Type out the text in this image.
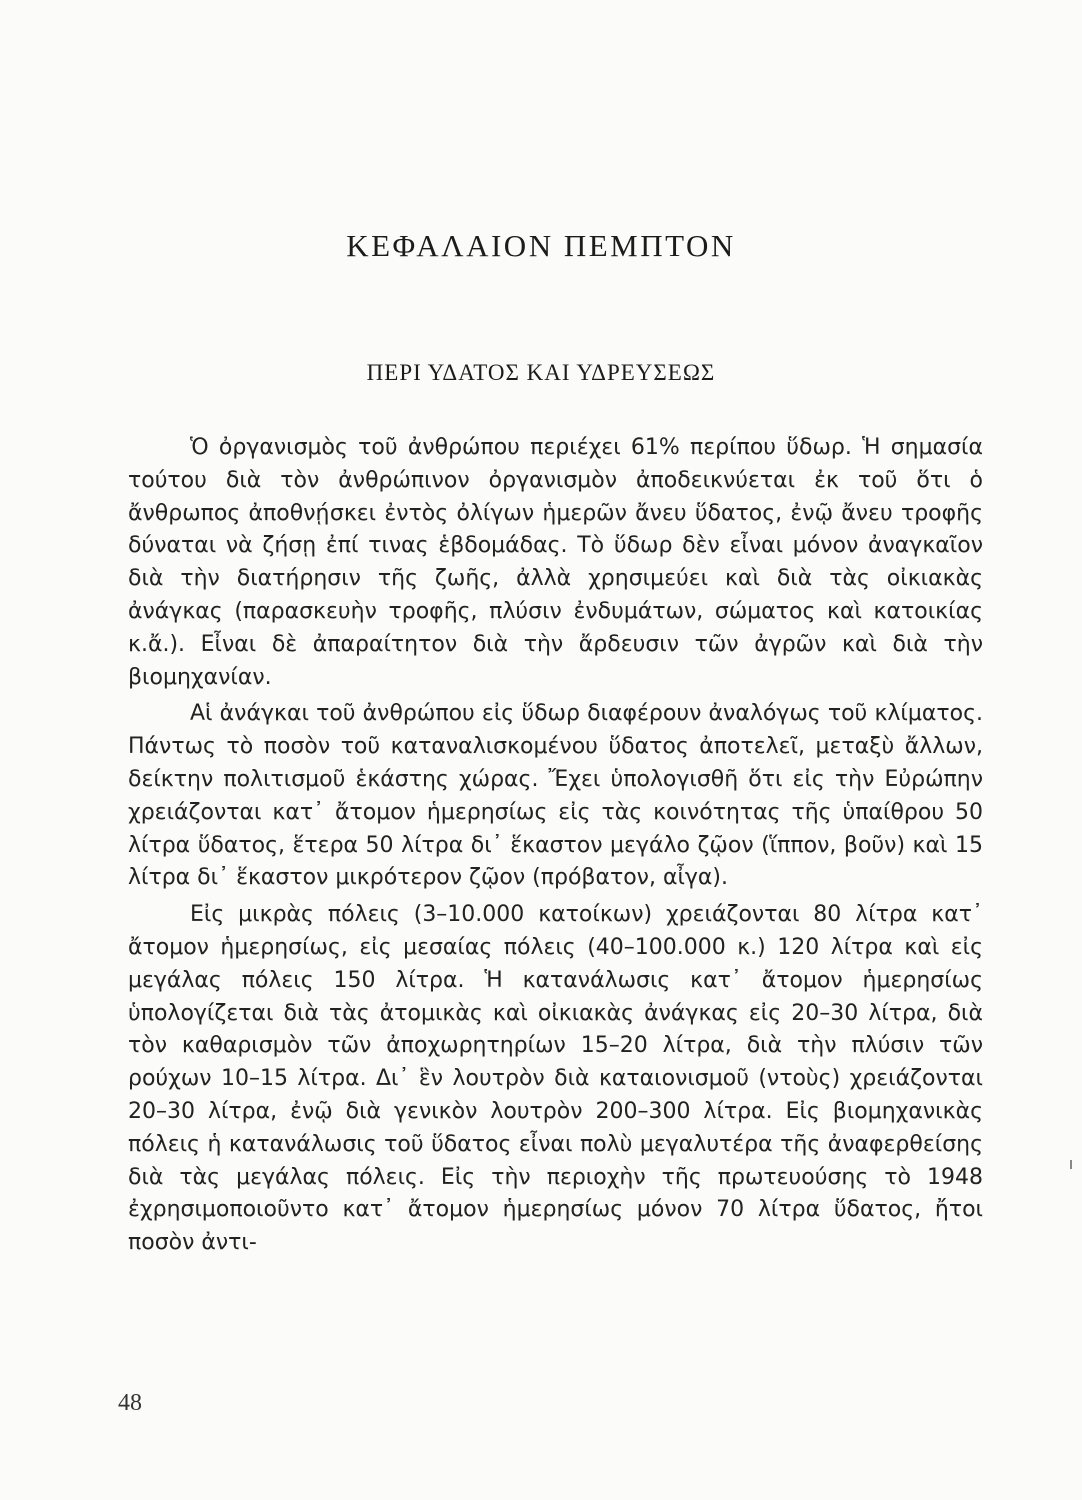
ΚΕΦΑΛΑΙΟΝ ΠΕΜΠΤΟΝ
ΠΕΡΙ ΥΔΑΤΟΣ ΚΑΙ ΥΔΡΕΥΣΕΩΣ

Ὁ ὀργανισμὸς τοῦ ἀνθρώπου περιέχει 61% περίπου ὕδωρ. Ἡ σημασία τούτου διὰ τὸν ἀνθρώπινον ὀργανισμὸν ἀποδεικνύεται ἐκ τοῦ ὅτι ὁ ἄνθρωπος ἀποθνῄσκει ἐντὸς ὀλίγων ἡμερῶν ἄνευ ὕδατος, ἐνῷ ἄνευ τροφῆς δύναται νὰ ζήσῃ ἐπί τινας ἑβδομάδας. Τὸ ὕδωρ δὲν εἶναι μόνον ἀναγκαῖον διὰ τὴν διατήρησιν τῆς ζωῆς, ἀλλὰ χρησιμεύει καὶ διὰ τὰς οἰκιακὰς ἀνάγκας (παρασκευὴν τροφῆς, πλύσιν ἐνδυμάτων, σώματος καὶ κατοικίας κ.ἄ.). Εἶναι δὲ ἀπαραίτητον διὰ τὴν ἄρδευσιν τῶν ἀγρῶν καὶ διὰ τὴν βιομηχανίαν.

Αἱ ἀνάγκαι τοῦ ἀνθρώπου εἰς ὕδωρ διαφέρουν ἀναλόγως τοῦ κλίματος. Πάντως τὸ ποσὸν τοῦ καταναλισκομένου ὕδατος ἀποτελεῖ, μεταξὺ ἄλλων, δείκτην πολιτισμοῦ ἑκάστης χώρας. Ἔχει ὑπολογισθῆ ὅτι εἰς τὴν Εὐρώπην χρειάζονται κατ᾿ ἄτομον ἡμερησίως εἰς τὰς κοινότητας τῆς ὑπαίθρου 50 λίτρα ὕδατος, ἕτερα 50 λίτρα δι᾿ ἕκαστον μεγάλο ζῷον (ἵππον, βοῦν) καὶ 15 λίτρα δι᾿ ἕκαστον μικρότερον ζῷον (πρόβατον, αἶγα).

Εἰς μικρὰς πόλεις (3–10.000 κατοίκων) χρειάζονται 80 λίτρα κατ᾿ ἄτομον ἡμερησίως, εἰς μεσαίας πόλεις (40–100.000 κ.) 120 λίτρα καὶ εἰς μεγάλας πόλεις 150 λίτρα. Ἡ κατανάλωσις κατ᾿ ἄτομον ἡμερησίως ὑπολογίζεται διὰ τὰς ἀτομικὰς καὶ οἰκιακὰς ἀνάγκας εἰς 20–30 λίτρα, διὰ τὸν καθαρισμὸν τῶν ἀποχωρητηρίων 15–20 λίτρα, διὰ τὴν πλύσιν τῶν ρούχων 10–15 λίτρα. Δι᾿ ἓν λουτρὸν διὰ καταιονισμοῦ (ντοὺς) χρειάζονται 20–30 λίτρα, ἐνῷ διὰ γενικὸν λουτρὸν 200–300 λίτρα. Εἰς βιομηχανικὰς πόλεις ἡ κατανάλωσις τοῦ ὕδατος εἶναι πολὺ μεγαλυτέρα τῆς ἀναφερθείσης διὰ τὰς μεγάλας πόλεις. Εἰς τὴν περιοχὴν τῆς πρωτευούσης τὸ 1948 ἐχρησιμοποιοῦντο κατ᾿ ἄτομον ἡμερησίως μόνον 70 λίτρα ὕδατος, ἤτοι ποσὸν ἀντι-

48
